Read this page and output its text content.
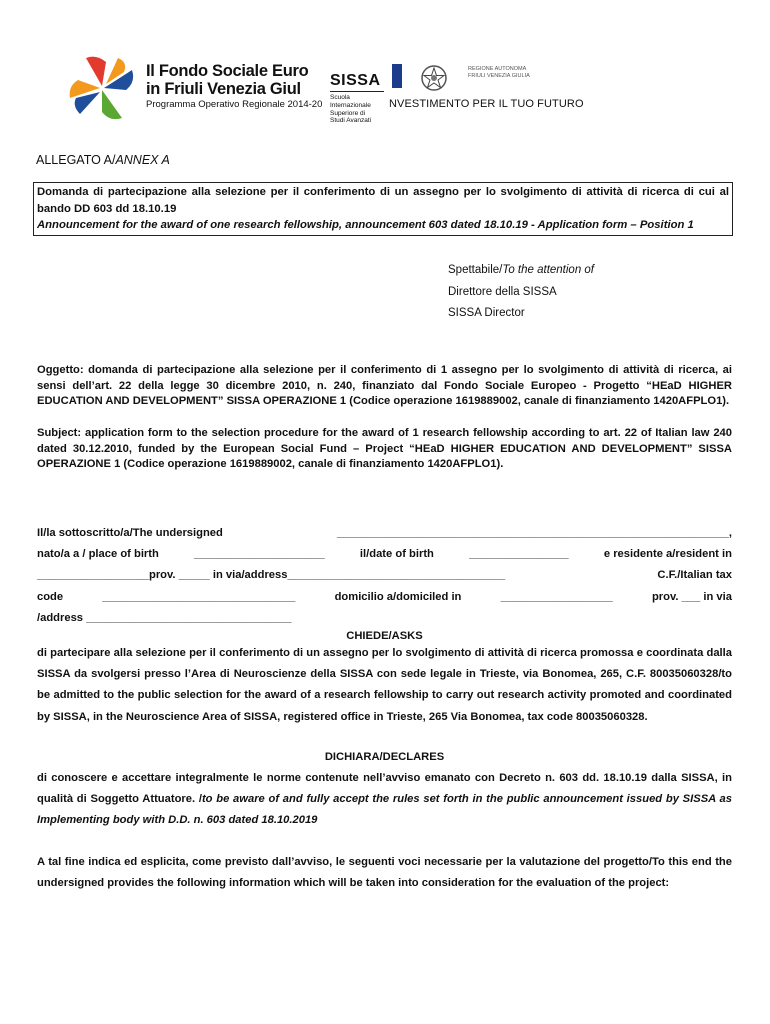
Il Fondo Sociale Euro
in Friuli Venezia Giul
Programma Operativo Regionale 2014-20
SISSA
Scuola
Internazionale
Superiore di
Studi Avanzati
REGIONE AUTONOMA
FRIULI VENEZIA GIULIA
NVESTIMENTO PER IL TUO FUTURO
ALLEGATO A/ANNEX A

Domanda di partecipazione alla selezione per il conferimento di un assegno per lo svolgimento di attività di ricerca di cui al bando DD 603 dd 18.10.19

Announcement for the award of one research fellowship, announcement 603 dated 18.10.19 - Application form – Position 1

Spettabile/To the attention of
Direttore della SISSA
SISSA Director
Oggetto: domanda di partecipazione alla selezione per il conferimento di 1 assegno per lo svolgimento di attività di ricerca, ai sensi dell’art. 22 della legge 30 dicembre 2010, n. 240, finanziato dal Fondo Sociale Europeo - Progetto “HEaD HIGHER EDUCATION AND DEVELOPMENT” SISSA OPERAZIONE 1 (Codice operazione 1619889002, canale di finanziamento 1420AFPLO1).
Subject: application form to the selection procedure for the award of 1 research fellowship according to art. 22 of Italian law 240 dated 30.12.2010, funded by the European Social Fund – Project “HEaD HIGHER EDUCATION AND DEVELOPMENT” SISSA OPERAZIONE 1 (Codice operazione 1619889002, canale di finanziamento 1420AFPLO1).
Il/la sottoscritto/a/The undersigned	_______________________________________________________________,
nato/a a / place of birth	_____________________	il/date of birth	________________	e residente a/resident in
__________________prov. _____ in via/address___________________________________	C.F./Italian tax
code	_______________________________	domicilio a/domiciled in	__________________	prov. ___ in via
/address _________________________________
CHIEDE/ASKS
di partecipare alla selezione per il conferimento di un assegno per lo svolgimento di attività di ricerca promossa e coordinata dalla SISSA da svolgersi presso l’Area di Neuroscienze della SISSA con sede legale in Trieste, via Bonomea, 265, C.F. 80035060328/to be admitted to the public selection for the award of a research fellowship to carry out research activity promoted and coordinated by SISSA, in the Neuroscience Area of SISSA, registered office in Trieste, 265 Via Bonomea, tax code 80035060328.
DICHIARA/DECLARES
di conoscere e accettare integralmente le norme contenute nell’avviso emanato con Decreto n. 603 dd. 18.10.19 dalla SISSA, in qualità di Soggetto Attuatore. /to be aware of and fully accept the rules set forth in the public announcement issued by SISSA as Implementing body with D.D. n. 603 dated 18.10.2019
A tal fine indica ed esplicita, come previsto dall’avviso, le seguenti voci necessarie per la valutazione del progetto/To this end the undersigned provides the following information which will be taken into consideration for the evaluation of the project:
